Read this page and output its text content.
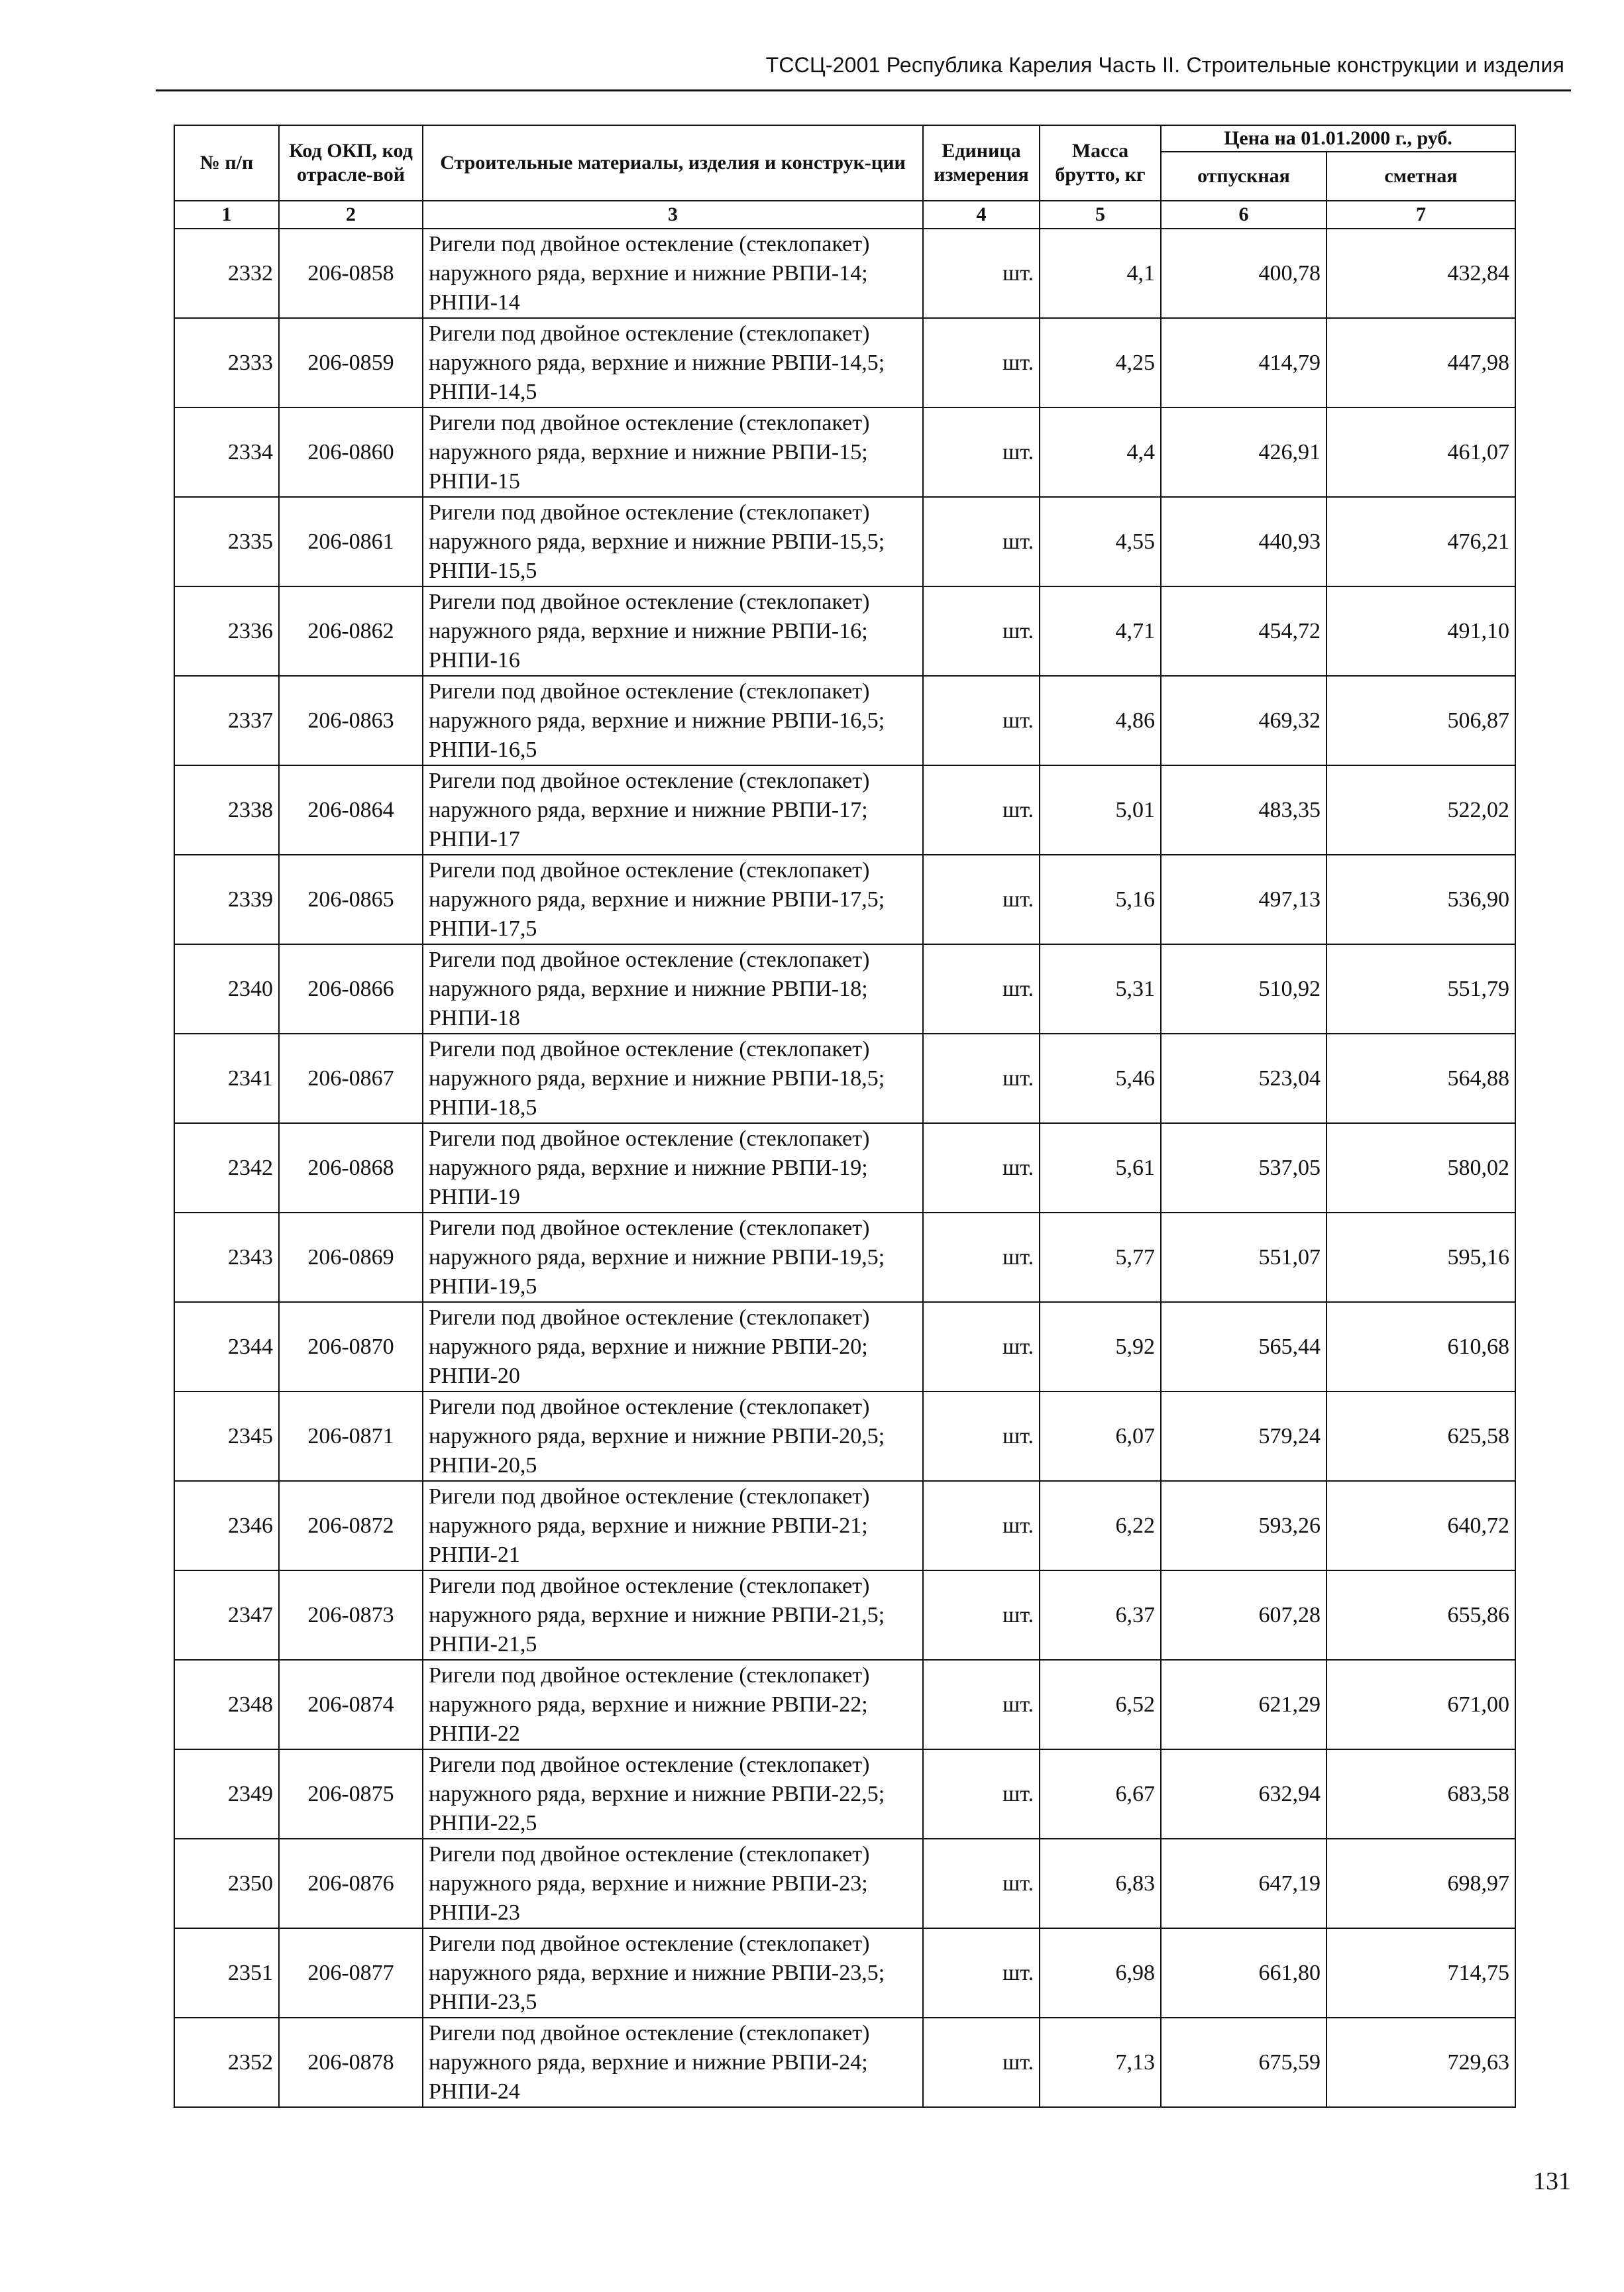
ТССЦ-2001 Республика Карелия Часть II. Строительные конструкции и изделия
№ п/п	Код ОКП, код отрасле-вой	Строительные материалы, изделия и конструк-ции	Единица измерения	Масса брутто, кг	Цена на 01.01.2000 г., руб.	
					отпускная	сметная
1	2	3	4	5	6	7
2332	206-0858	Ригели под двойное остекление (стеклопакет) наружного ряда, верхние и нижние РВПИ-14; РНПИ-14	шт.	4,1	400,78	432,84
2333	206-0859	Ригели под двойное остекление (стеклопакет) наружного ряда, верхние и нижние РВПИ-14,5; РНПИ-14,5	шт.	4,25	414,79	447,98
2334	206-0860	Ригели под двойное остекление (стеклопакет) наружного ряда, верхние и нижние РВПИ-15; РНПИ-15	шт.	4,4	426,91	461,07
2335	206-0861	Ригели под двойное остекление (стеклопакет) наружного ряда, верхние и нижние РВПИ-15,5; РНПИ-15,5	шт.	4,55	440,93	476,21
2336	206-0862	Ригели под двойное остекление (стеклопакет) наружного ряда, верхние и нижние РВПИ-16; РНПИ-16	шт.	4,71	454,72	491,10
2337	206-0863	Ригели под двойное остекление (стеклопакет) наружного ряда, верхние и нижние РВПИ-16,5; РНПИ-16,5	шт.	4,86	469,32	506,87
2338	206-0864	Ригели под двойное остекление (стеклопакет) наружного ряда, верхние и нижние РВПИ-17; РНПИ-17	шт.	5,01	483,35	522,02
2339	206-0865	Ригели под двойное остекление (стеклопакет) наружного ряда, верхние и нижние РВПИ-17,5; РНПИ-17,5	шт.	5,16	497,13	536,90
2340	206-0866	Ригели под двойное остекление (стеклопакет) наружного ряда, верхние и нижние РВПИ-18; РНПИ-18	шт.	5,31	510,92	551,79
2341	206-0867	Ригели под двойное остекление (стеклопакет) наружного ряда, верхние и нижние РВПИ-18,5; РНПИ-18,5	шт.	5,46	523,04	564,88
2342	206-0868	Ригели под двойное остекление (стеклопакет) наружного ряда, верхние и нижние РВПИ-19; РНПИ-19	шт.	5,61	537,05	580,02
2343	206-0869	Ригели под двойное остекление (стеклопакет) наружного ряда, верхние и нижние РВПИ-19,5; РНПИ-19,5	шт.	5,77	551,07	595,16
2344	206-0870	Ригели под двойное остекление (стеклопакет) наружного ряда, верхние и нижние РВПИ-20; РНПИ-20	шт.	5,92	565,44	610,68
2345	206-0871	Ригели под двойное остекление (стеклопакет) наружного ряда, верхние и нижние РВПИ-20,5; РНПИ-20,5	шт.	6,07	579,24	625,58
2346	206-0872	Ригели под двойное остекление (стеклопакет) наружного ряда, верхние и нижние РВПИ-21; РНПИ-21	шт.	6,22	593,26	640,72
2347	206-0873	Ригели под двойное остекление (стеклопакет) наружного ряда, верхние и нижние РВПИ-21,5; РНПИ-21,5	шт.	6,37	607,28	655,86
2348	206-0874	Ригели под двойное остекление (стеклопакет) наружного ряда, верхние и нижние РВПИ-22; РНПИ-22	шт.	6,52	621,29	671,00
2349	206-0875	Ригели под двойное остекление (стеклопакет) наружного ряда, верхние и нижние РВПИ-22,5; РНПИ-22,5	шт.	6,67	632,94	683,58
2350	206-0876	Ригели под двойное остекление (стеклопакет) наружного ряда, верхние и нижние РВПИ-23; РНПИ-23	шт.	6,83	647,19	698,97
2351	206-0877	Ригели под двойное остекление (стеклопакет) наружного ряда, верхние и нижние РВПИ-23,5; РНПИ-23,5	шт.	6,98	661,80	714,75
2352	206-0878	Ригели под двойное остекление (стеклопакет) наружного ряда, верхние и нижние РВПИ-24; РНПИ-24	шт.	7,13	675,59	729,63
131
